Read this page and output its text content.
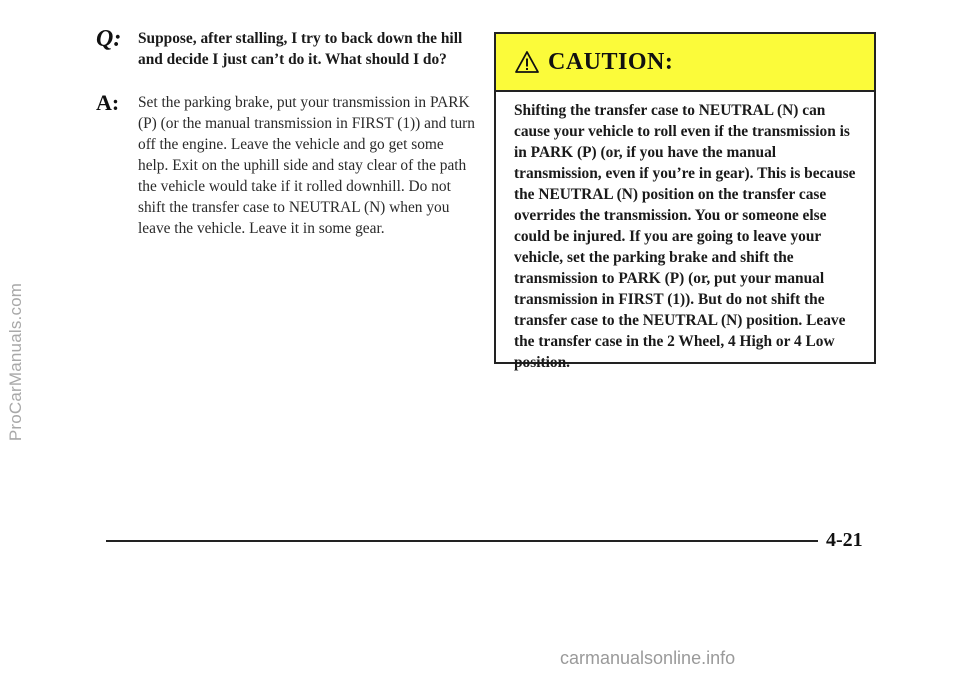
ProCarManuals.com
Q: Suppose, after stalling, I try to back down the hill and decide I just can’t do it. What should I do?
A: Set the parking brake, put your transmission in PARK (P) (or the manual transmission in FIRST (1)) and turn off the engine. Leave the vehicle and go get some help. Exit on the uphill side and stay clear of the path the vehicle would take if it rolled downhill. Do not shift the transfer case to NEUTRAL (N) when you leave the vehicle. Leave it in some gear.
CAUTION:
Shifting the transfer case to NEUTRAL (N) can cause your vehicle to roll even if the transmission is in PARK (P) (or, if you have the manual transmission, even if you’re in gear). This is because the NEUTRAL (N) position on the transfer case overrides the transmission. You or someone else could be injured. If you are going to leave your vehicle, set the parking brake and shift the transmission to PARK (P) (or, put your manual transmission in FIRST (1)). But do not shift the transfer case to the NEUTRAL (N) position. Leave the transfer case in the 2 Wheel, 4 High or 4 Low position.
4-21
carmanualsonline.info
